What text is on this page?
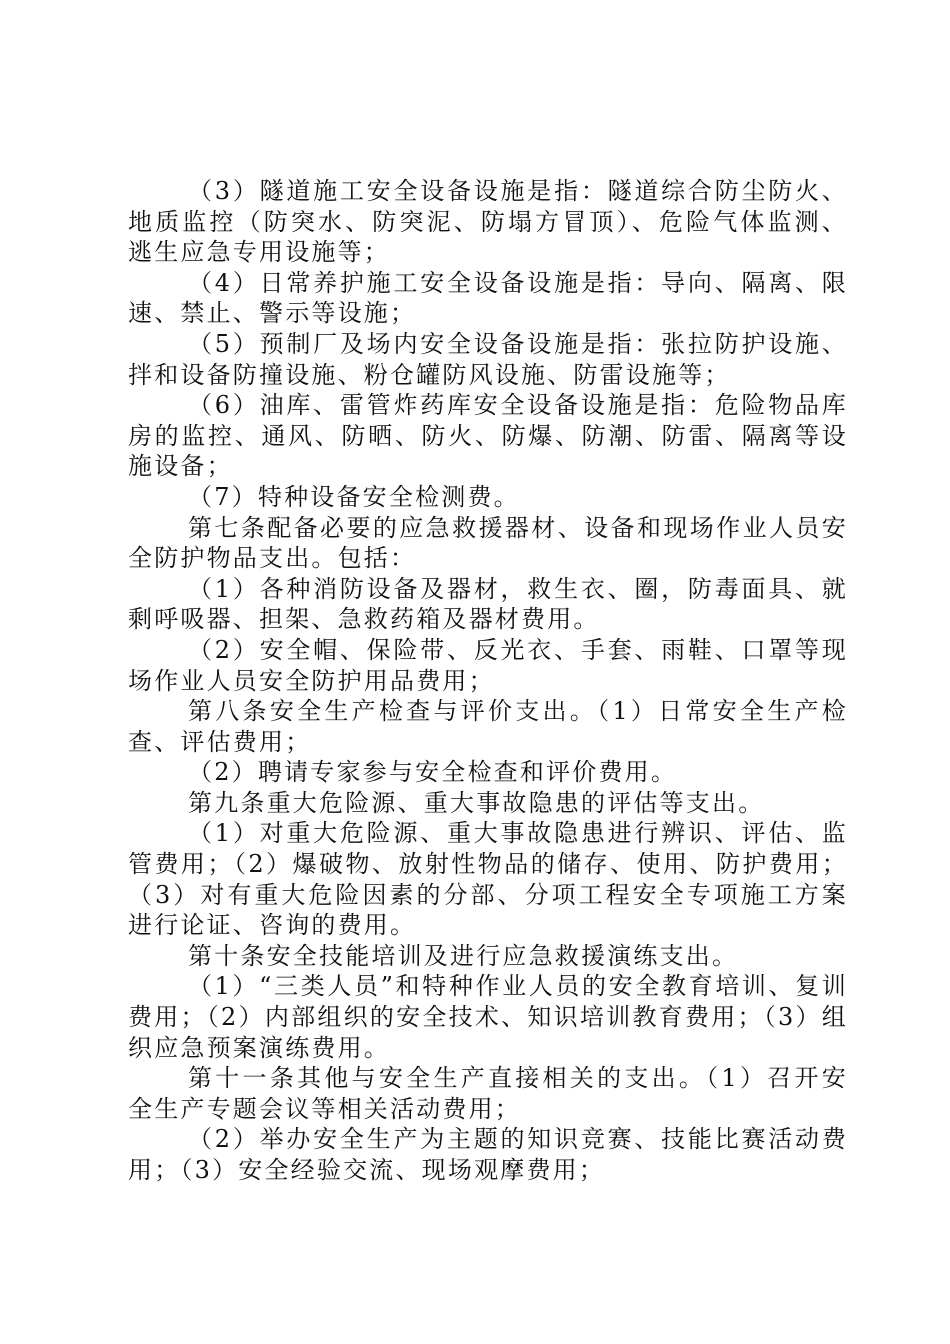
（3）隧道施工安全设备设施是指：隧道综合防尘防火、地质监控（防突水、防突泥、防塌方冒顶）、危险气体监测、逃生应急专用设施等；

（4）日常养护施工安全设备设施是指：导向、隔离、限速、禁止、警示等设施；

（5）预制厂及场内安全设备设施是指：张拉防护设施、拌和设备防撞设施、粉仓罐防风设施、防雷设施等；

（6）油库、雷管炸药库安全设备设施是指：危险物品库房的监控、通风、防晒、防火、防爆、防潮、防雷、隔离等设施设备；

（7）特种设备安全检测费。

第七条配备必要的应急救援器材、设备和现场作业人员安全防护物品支出。包括：

（1）各种消防设备及器材，救生衣、圈，防毒面具、就剩呼吸器、担架、急救药箱及器材费用。

（2）安全帽、保险带、反光衣、手套、雨鞋、口罩等现场作业人员安全防护用品费用；

第八条安全生产检查与评价支出。（1）日常安全生产检查、评估费用；

（2）聘请专家参与安全检查和评价费用。

第九条重大危险源、重大事故隐患的评估等支出。

（1）对重大危险源、重大事故隐患进行辨识、评估、监管费用；（2）爆破物、放射性物品的储存、使用、防护费用；（3）对有重大危险因素的分部、分项工程安全专项施工方案进行论证、咨询的费用。

第十条安全技能培训及进行应急救援演练支出。

（1）“三类人员”和特种作业人员的安全教育培训、复训费用；（2）内部组织的安全技术、知识培训教育费用；（3）组织应急预案演练费用。

第十一条其他与安全生产直接相关的支出。（1）召开安全生产专题会议等相关活动费用；

（2）举办安全生产为主题的知识竞赛、技能比赛活动费用；（3）安全经验交流、现场观摩费用；
